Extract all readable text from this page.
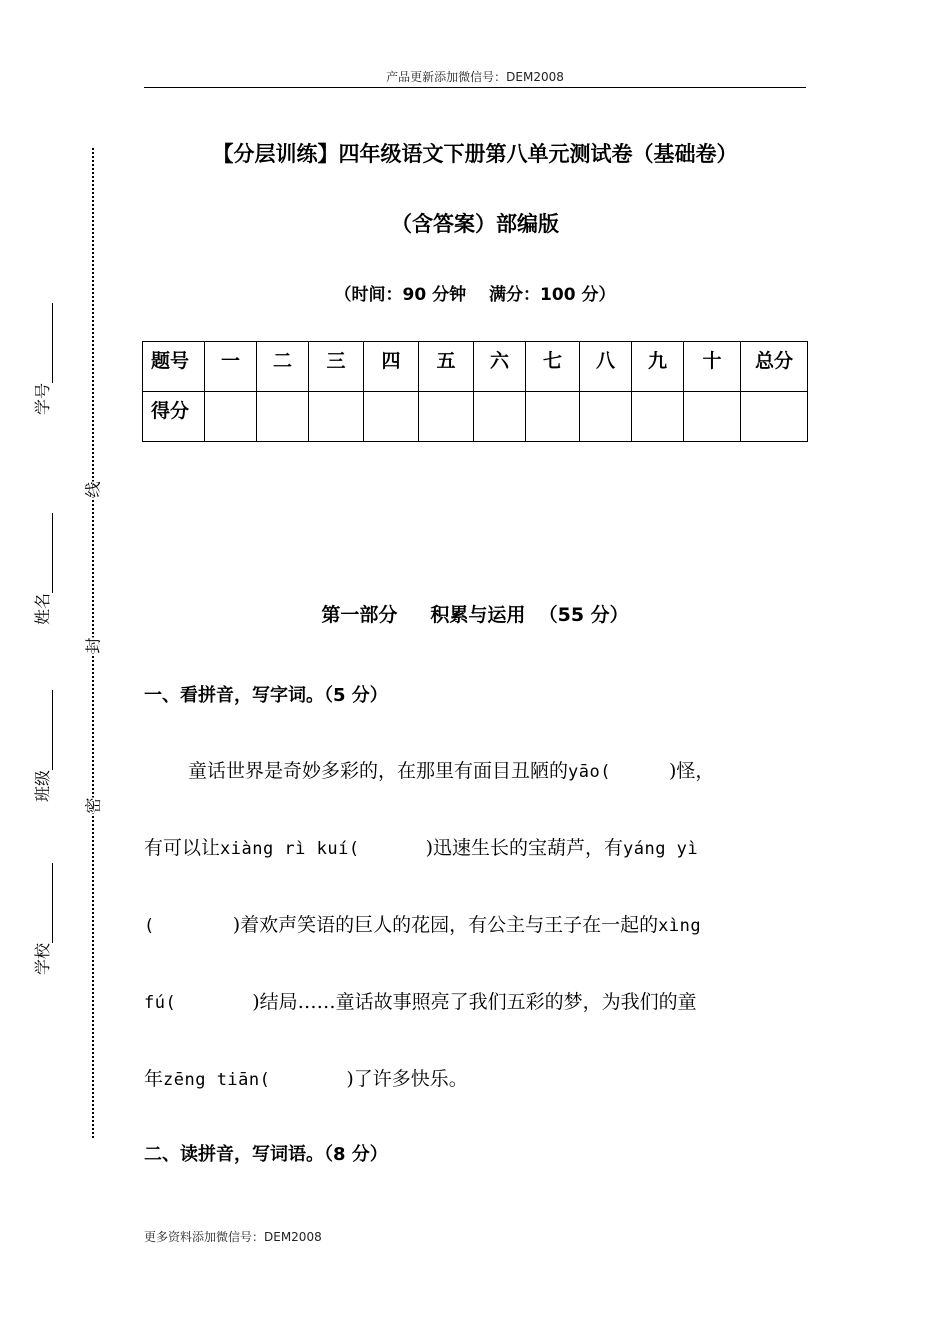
产品更新添加微信号：DEM2008
【分层训练】四年级语文下册第八单元测试卷（基础卷）
（含答案）部编版
（时间：90 分钟　 满分：100 分）
题号	一	二	三	四	五	六	七	八	九	十	总分
得分											
第一部分     积累与运用  （55 分）
一、看拼音，写字词。（5 分）
童话世界是奇妙多彩的，在那里有面目丑陋的yāo(	)怪，
有可以让xiàng rì kuí(	)迅速生长的宝葫芦，有yáng yì
(	)着欢声笑语的巨人的花园，有公主与王子在一起的xìng
fú(	)结局……童话故事照亮了我们五彩的梦，为我们的童
年zēng tiān(	)了许多快乐。
二、读拼音，写词语。（8 分）
更多资料添加微信号：DEM2008
线
封
密
学号
姓名
班级
学校
